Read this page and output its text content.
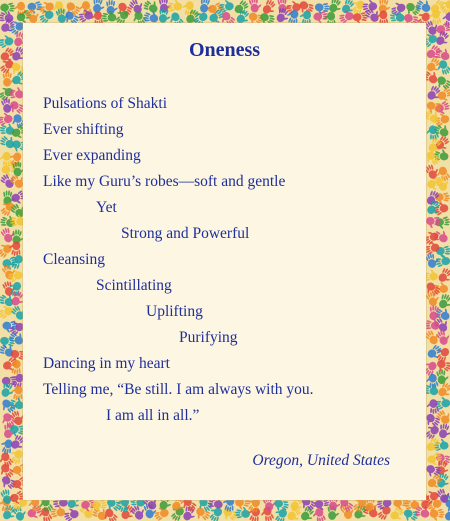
Oneness
Pulsations of Shakti
Ever shifting
Ever expanding
Like my Guru’s robes—soft and gentle
Yet
Strong and Powerful
Cleansing
Scintillating
Uplifting
Purifying
Dancing in my heart
Telling me, “Be still. I am always with you.
I am all in all.”
Oregon, United States
